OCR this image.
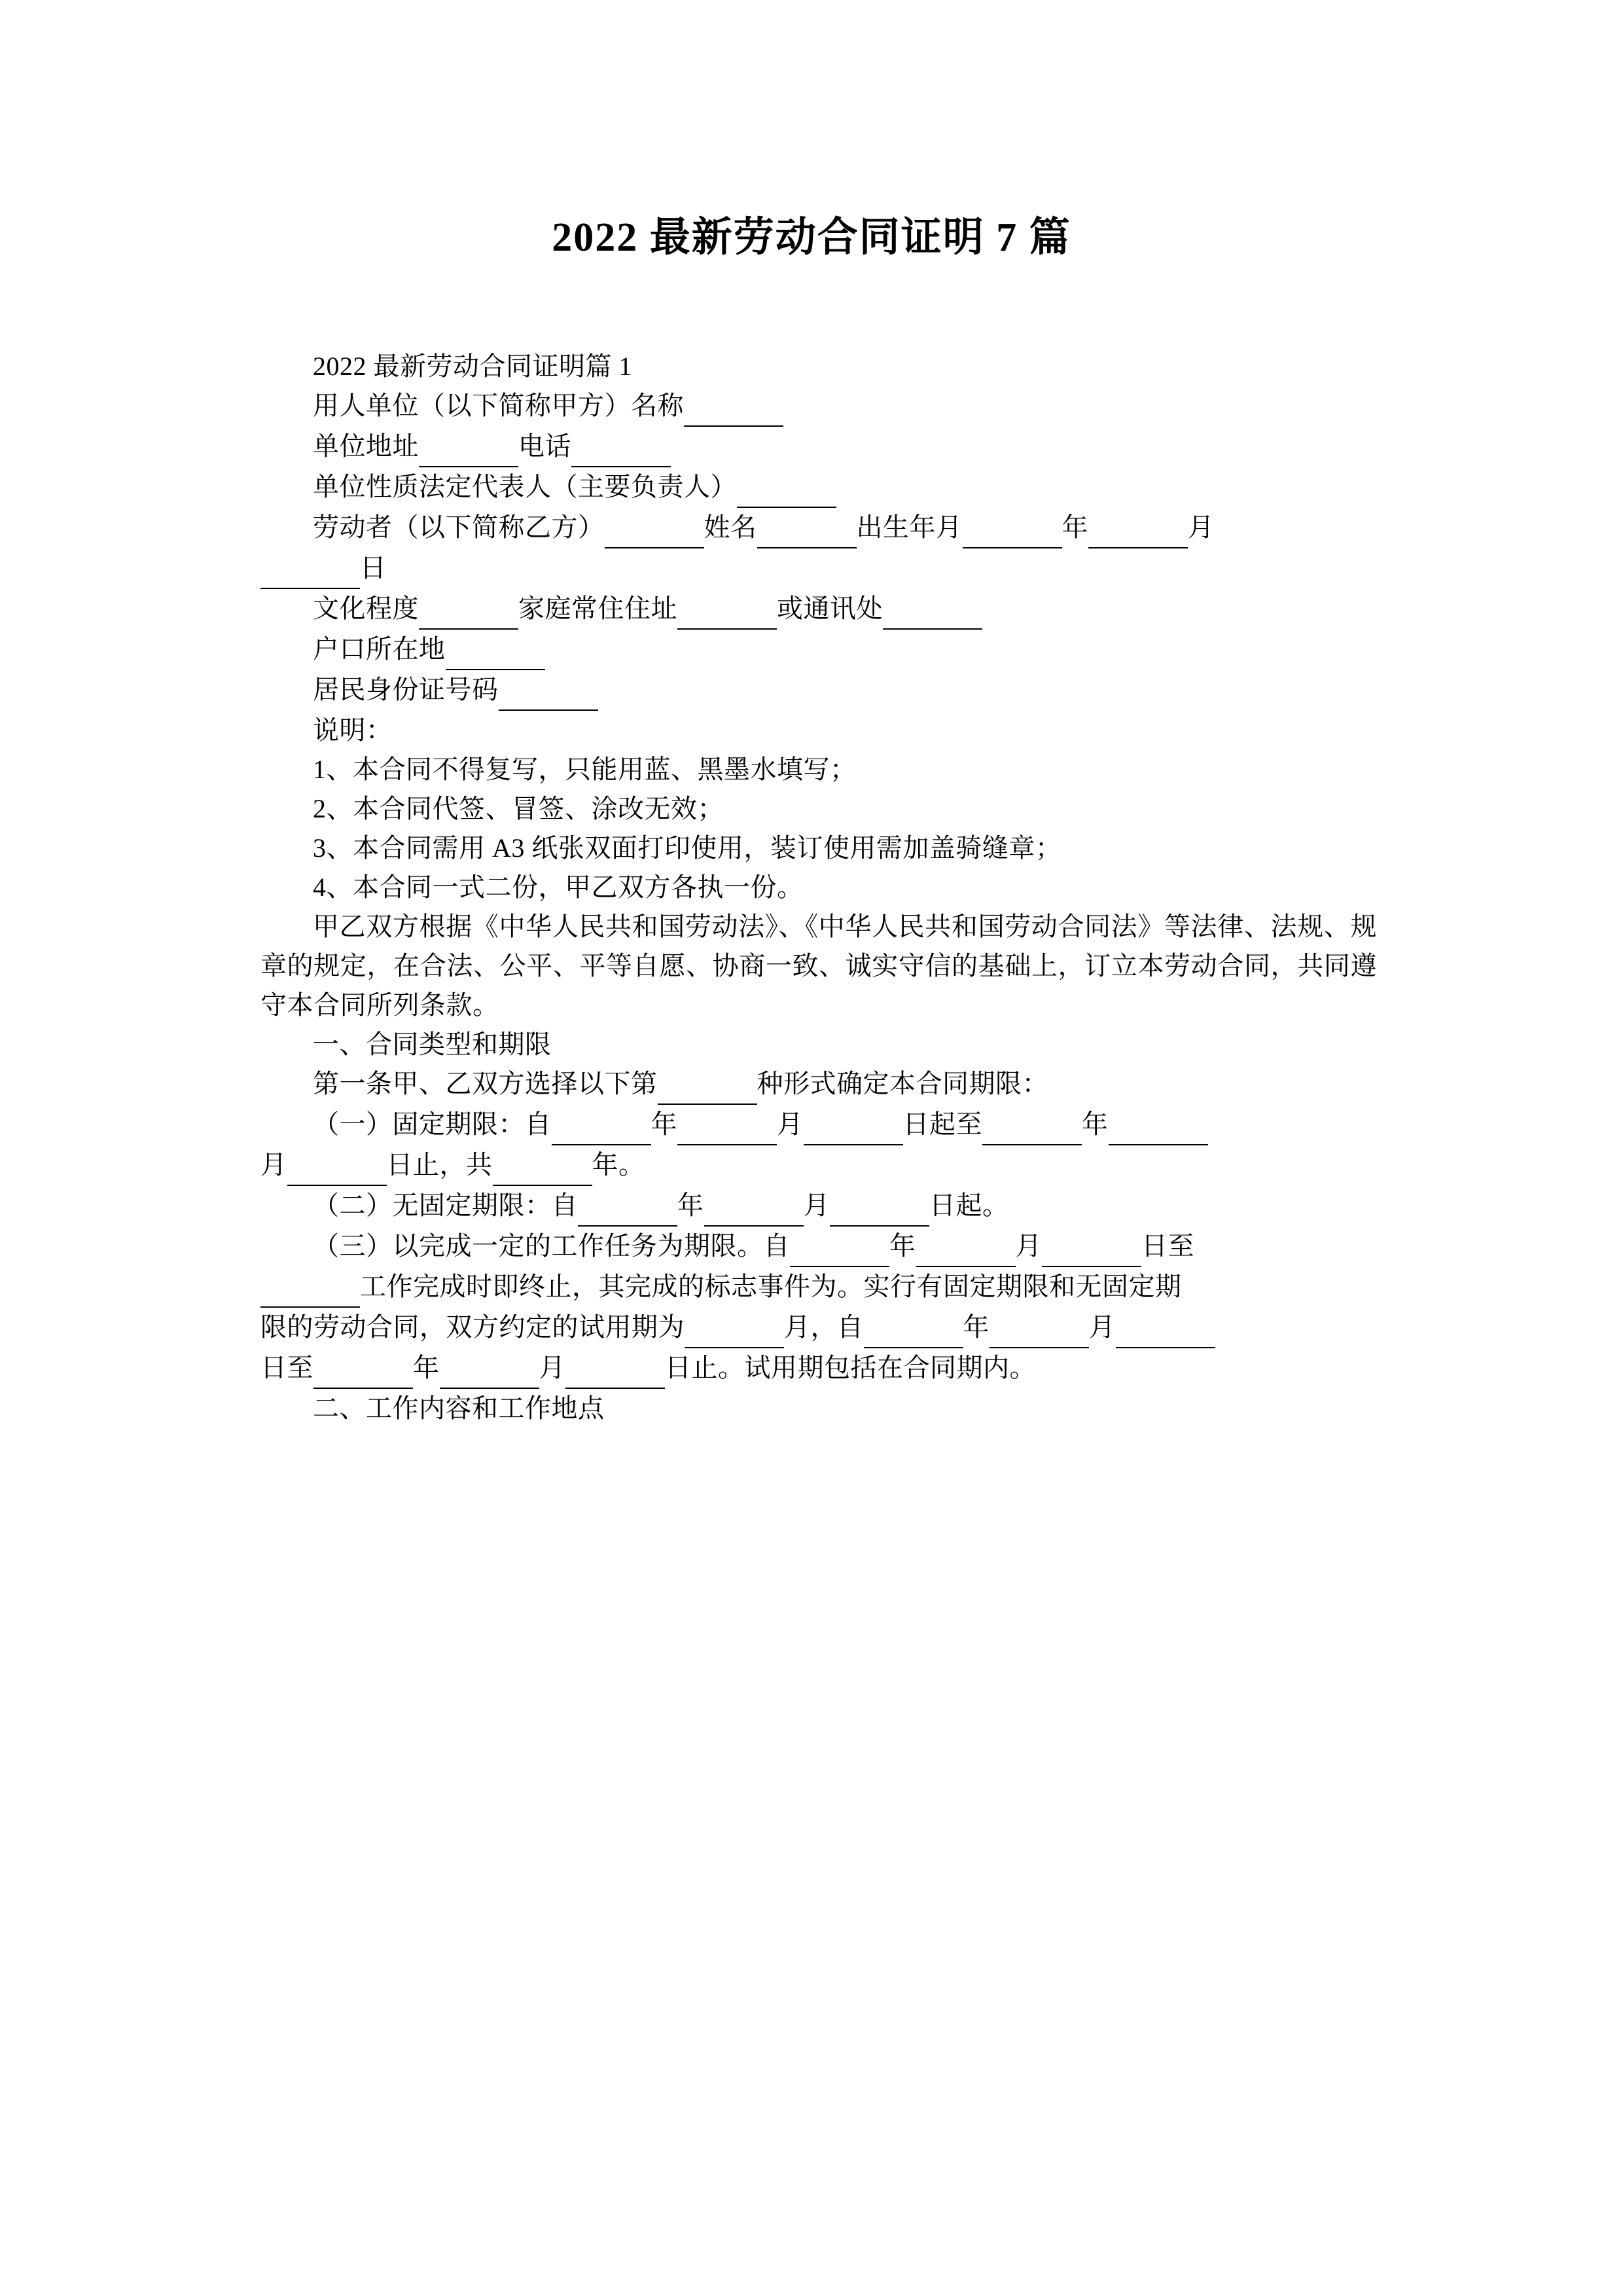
2022 最新劳动合同证明 7 篇
2022 最新劳动合同证明篇 1
用人单位（以下简称甲方）名称
单位地址	电话
单位性质法定代表人（主要负责人）
劳动者（以下简称乙方）	姓名	出生年月	年	月
日
文化程度	家庭常住住址	或通讯处
户口所在地
居民身份证号码
说明：
1、本合同不得复写，只能用蓝、黑墨水填写；
2、本合同代签、冒签、涂改无效；
3、本合同需用 A3 纸张双面打印使用，装订使用需加盖骑缝章；
4、本合同一式二份，甲乙双方各执一份。
甲乙双方根据《中华人民共和国劳动法》、《中华人民共和国劳动合同法》等法律、法规、规章的规定，在合法、公平、平等自愿、协商一致、诚实守信的基础上，订立本劳动合同，共同遵守本合同所列条款。
一、合同类型和期限
第一条甲、乙双方选择以下第	种形式确定本合同期限：
（一）固定期限：自	年	月	日起至	年
月	日止，共	年。
（二）无固定期限：自	年	月	日起。
（三）以完成一定的工作任务为期限。自	年	月	日至
工作完成时即终止，其完成的标志事件为。实行有固定期限和无固定期
限的劳动合同，双方约定的试用期为	月，自	年	月
日至	年	月	日止。试用期包括在合同期内。
二、工作内容和工作地点
